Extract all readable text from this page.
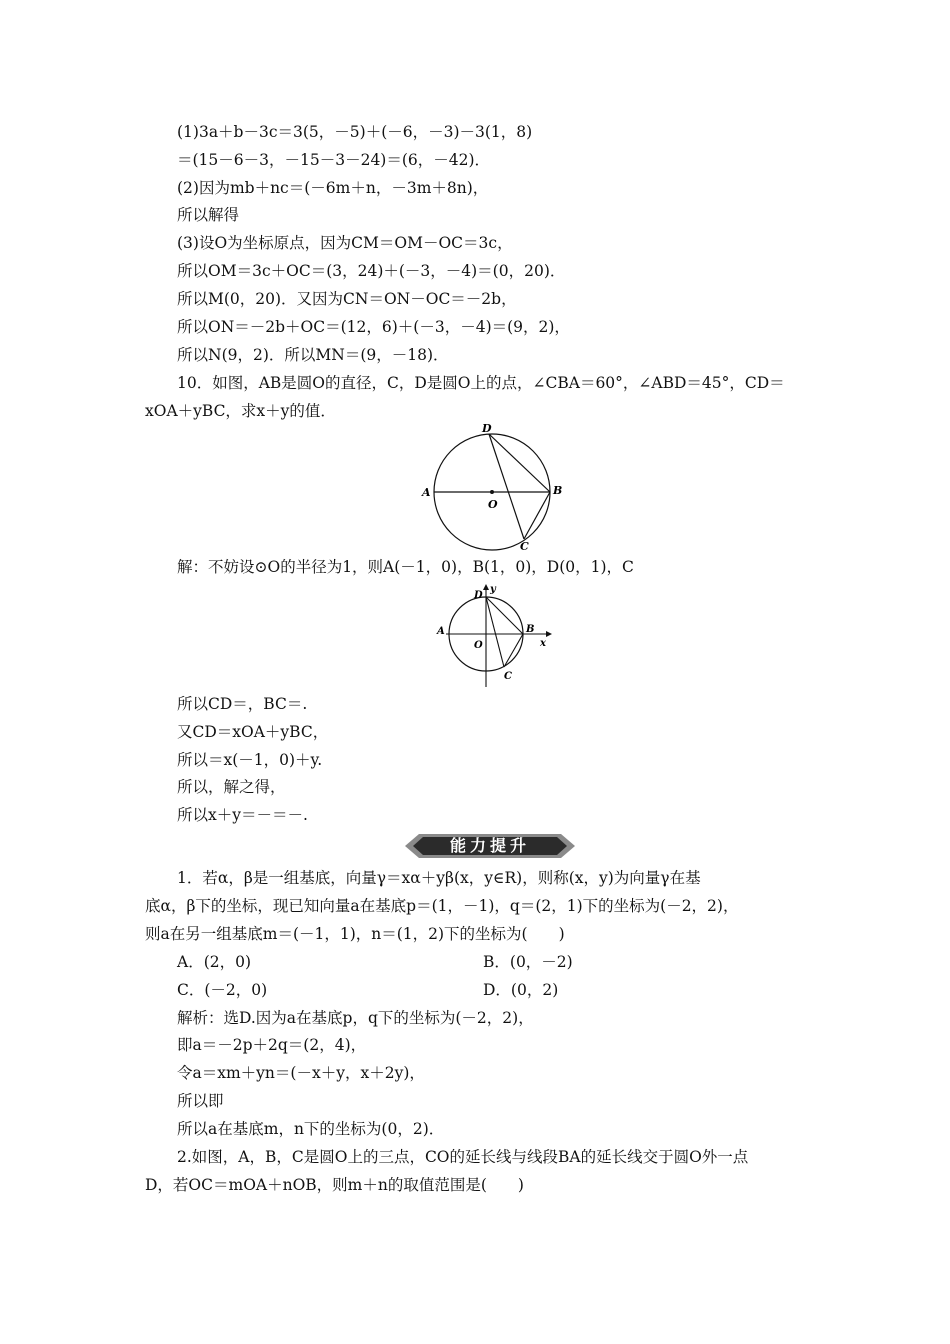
(1)3a＋b－3c＝3(5，－5)＋(－6，－3)－3(1，8)
＝(15－6－3，－15－3－24)＝(6，－42)．
(2)因为mb＋nc＝(－6m＋n，－3m＋8n)，
所以解得
(3)设O为坐标原点，因为CM＝OM－OC＝3c，
所以OM＝3c＋OC＝(3，24)＋(－3，－4)＝(0，20)．
所以M(0，20)．又因为CN＝ON－OC＝－2b，
所以ON＝－2b＋OC＝(12，6)＋(－3，－4)＝(9，2)，
所以N(9，2)．所以MN＝(9，－18)．
10．如图，AB是圆O的直径，C，D是圆O上的点，∠CBA＝60°，∠ABD＝45°，CD＝
xOA＋yBC，求x＋y的值．
A	B
C
D
O
解：不妨设⊙O的半径为1，则A(－1，0)，B(1，0)，D(0，1)，C
A	B
C
D
O	x
y
所以CD＝，BC＝.
又CD＝xOA＋yBC，
所以＝x(－1，0)＋y.
所以，解之得，
所以x＋y＝－＝－.
能力提升
1．若α，β是一组基底，向量γ＝xα＋yβ(x，y∈R)，则称(x，y)为向量γ在基
底α，β下的坐标，现已知向量a在基底p＝(1，－1)，q＝(2，1)下的坐标为(－2，2)，
则a在另一组基底m＝(－1，1)，n＝(1，2)下的坐标为(　　)
A．(2，0)	B．(0，－2)
C．(－2，0)	D．(0，2)
解析：选D.因为a在基底p，q下的坐标为(－2，2)，
即a＝－2p＋2q＝(2，4)，
令a＝xm＋yn＝(－x＋y，x＋2y)，
所以即
所以a在基底m，n下的坐标为(0，2)．
2.如图，A，B，C是圆O上的三点，CO的延长线与线段BA的延长线交于圆O外一点
D，若OC＝mOA＋nOB，则m＋n的取值范围是(　　)
